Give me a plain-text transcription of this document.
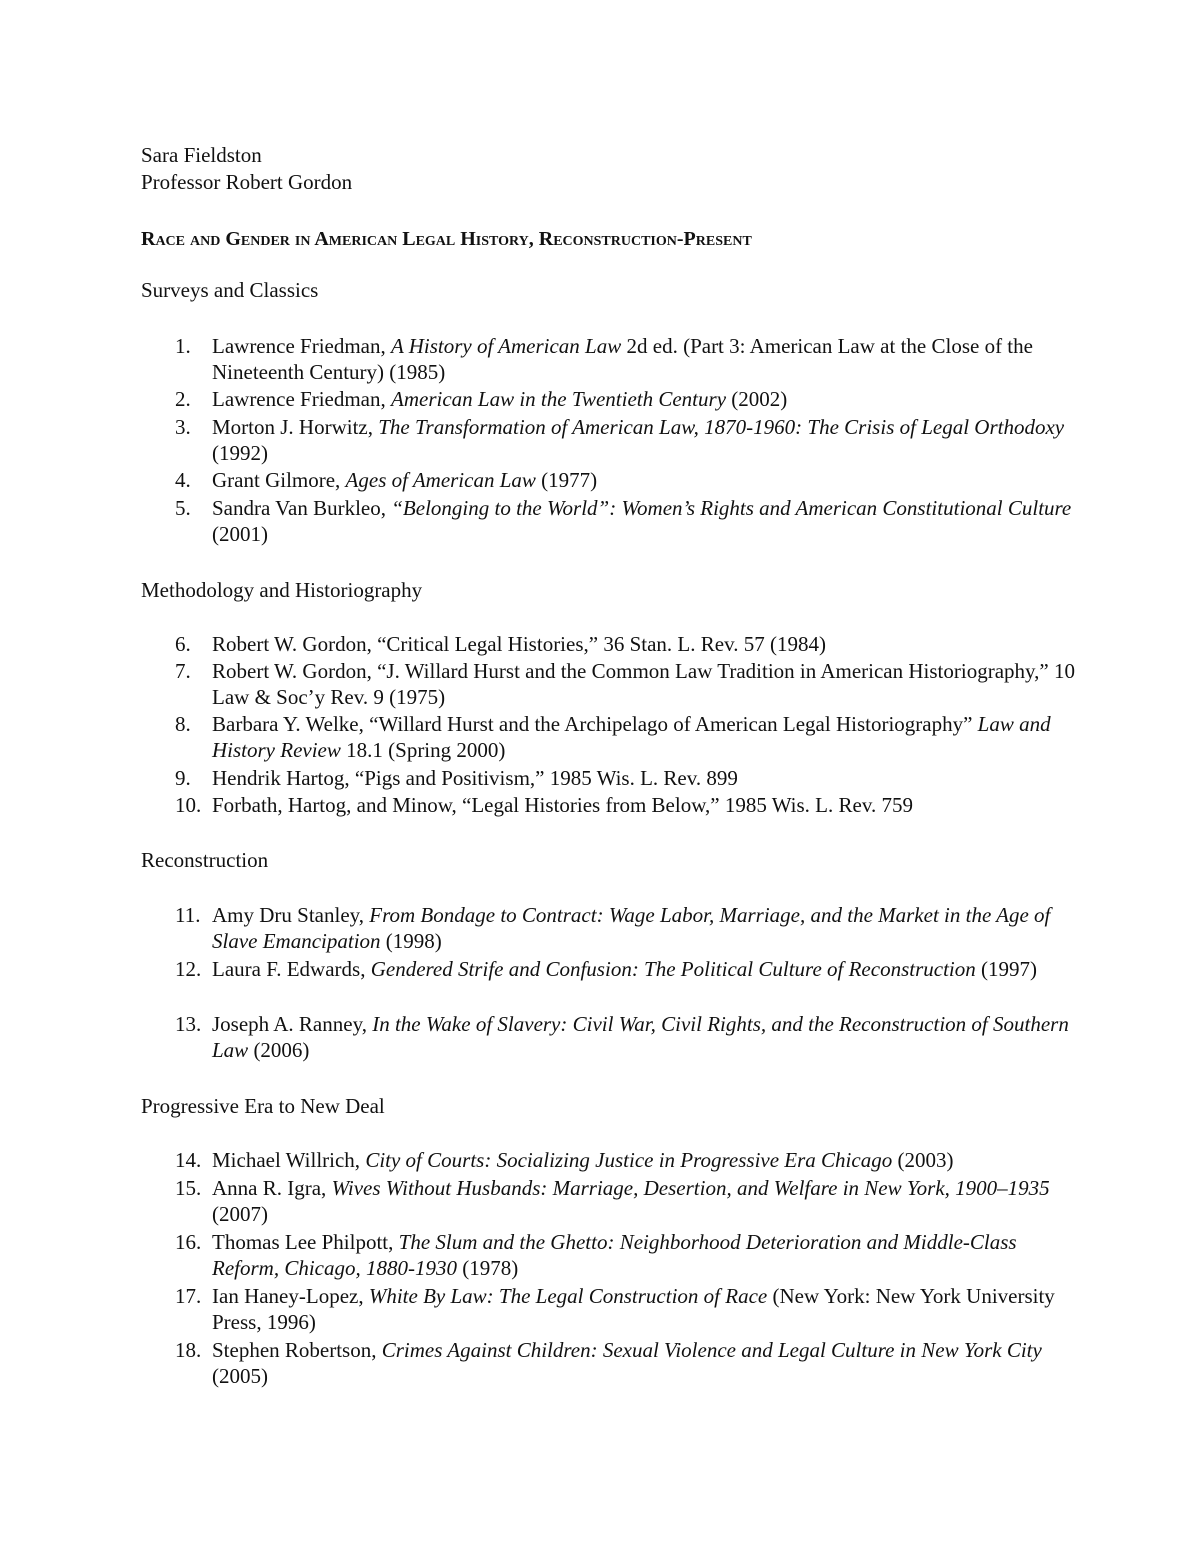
Sara Fieldston
Professor Robert Gordon
Race and Gender in American Legal History, Reconstruction-Present
Surveys and Classics
1.	Lawrence Friedman, A History of American Law 2d ed. (Part 3: American Law at the Close of the Nineteenth Century) (1985)
2.	Lawrence Friedman, American Law in the Twentieth Century (2002)
3.	Morton J. Horwitz, The Transformation of American Law, 1870-1960: The Crisis of Legal Orthodoxy (1992)
4.	Grant Gilmore, Ages of American Law (1977)
5.	Sandra Van Burkleo, “Belonging to the World”: Women’s Rights and American Constitutional Culture (2001)
Methodology and Historiography
6.	Robert W. Gordon, “Critical Legal Histories,” 36 Stan. L. Rev. 57 (1984)
7.	Robert W. Gordon, “J. Willard Hurst and the Common Law Tradition in American Historiography,” 10 Law & Soc’y Rev. 9 (1975)
8.	Barbara Y. Welke, “Willard Hurst and the Archipelago of American Legal Historiography” Law and History Review 18.1 (Spring 2000)
9.	Hendrik Hartog, “Pigs and Positivism,” 1985 Wis. L. Rev. 899
10. Forbath, Hartog, and Minow, “Legal Histories from Below,” 1985 Wis. L. Rev. 759
Reconstruction
11. Amy Dru Stanley, From Bondage to Contract: Wage Labor, Marriage, and the Market in the Age of Slave Emancipation (1998)
12. Laura F. Edwards, Gendered Strife and Confusion: The Political Culture of Reconstruction (1997)
13. Joseph A. Ranney, In the Wake of Slavery: Civil War, Civil Rights, and the Reconstruction of Southern Law (2006)
Progressive Era to New Deal
14. Michael Willrich, City of Courts: Socializing Justice in Progressive Era Chicago (2003)
15. Anna R. Igra, Wives Without Husbands: Marriage, Desertion, and Welfare in New York, 1900–1935 (2007)
16. Thomas Lee Philpott, The Slum and the Ghetto: Neighborhood Deterioration and Middle-Class Reform, Chicago, 1880-1930 (1978)
17. Ian Haney-Lopez, White By Law: The Legal Construction of Race (New York: New York University Press, 1996)
18. Stephen Robertson, Crimes Against Children: Sexual Violence and Legal Culture in New York City (2005)
